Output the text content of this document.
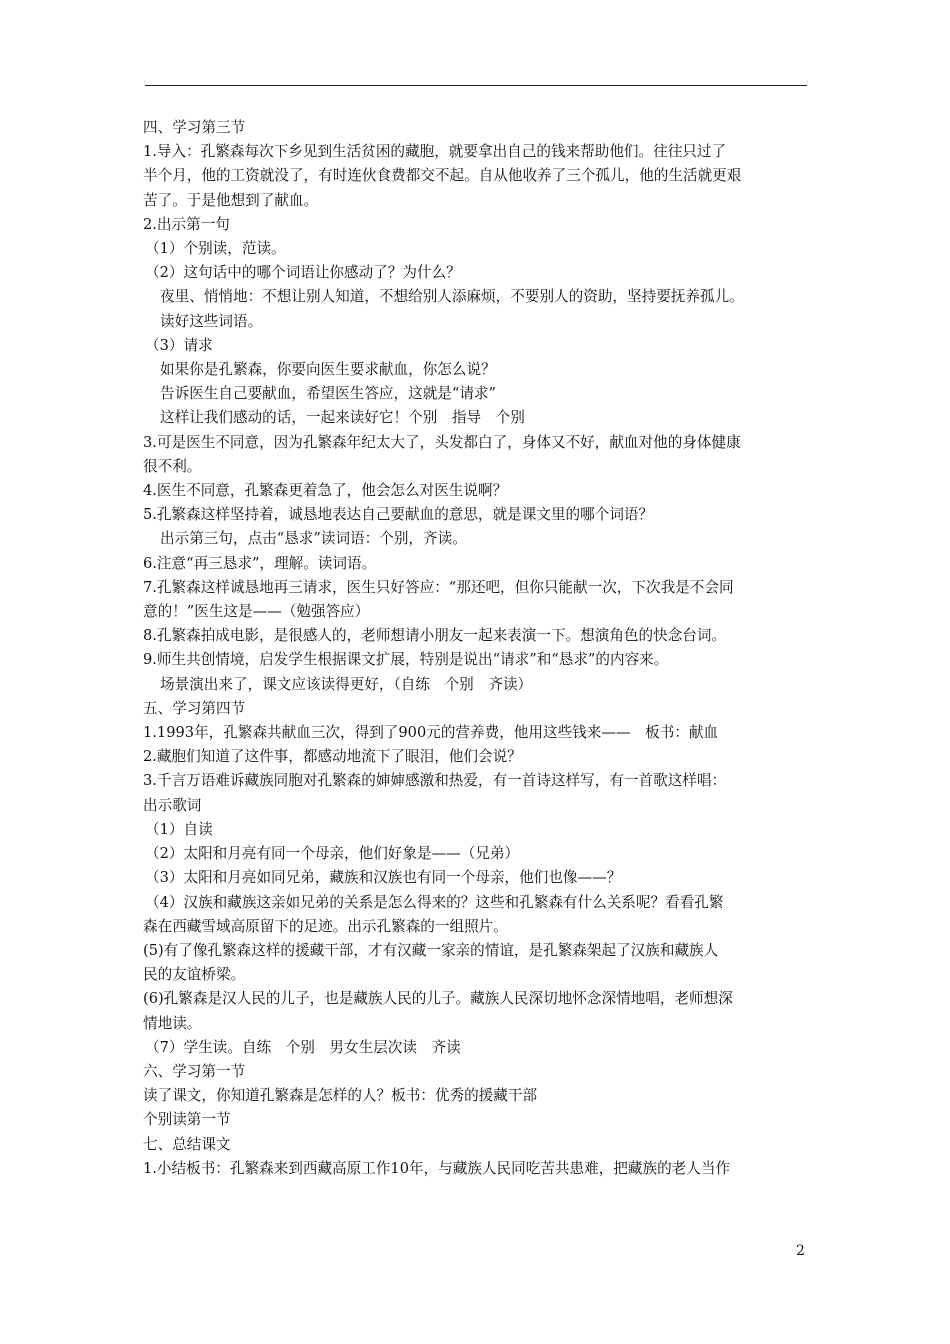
四、学习第三节
1.导入：孔繁森每次下乡见到生活贫困的藏胞，就要拿出自己的钱来帮助他们。往往只过了
半个月，他的工资就没了，有时连伙食费都交不起。自从他收养了三个孤儿，他的生活就更艰
苦了。于是他想到了献血。
2.出示第一句
（1）个别读，范读。
（2）这句话中的哪个词语让你感动了？为什么？
夜里、悄悄地：不想让别人知道，不想给别人添麻烦，不要别人的资助，坚持要抚养孤儿。
读好这些词语。
（3）请求
如果你是孔繁森，你要向医生要求献血，你怎么说？
告诉医生自己要献血，希望医生答应，这就是“请求”
这样让我们感动的话，一起来读好它！个别　指导　个别
3.可是医生不同意，因为孔繁森年纪太大了，头发都白了，身体又不好，献血对他的身体健康
很不利。
4.医生不同意，孔繁森更着急了，他会怎么对医生说啊？
5.孔繁森这样坚持着，诚恳地表达自己要献血的意思，就是课文里的哪个词语？
出示第三句，点击“恳求”读词语：个别，齐读。
6.注意“再三恳求”，理解。读词语。
7.孔繁森这样诚恳地再三请求，医生只好答应：“那还吧，但你只能献一次，下次我是不会同
意的！”医生这是——（勉强答应）
8.孔繁森拍成电影，是很感人的，老师想请小朋友一起来表演一下。想演角色的快念台词。
9.师生共创情境，启发学生根据课文扩展，特别是说出“请求”和“恳求”的内容来。
场景演出来了，课文应该读得更好，（自练　个别　齐读）
五、学习第四节
1.1993年，孔繁森共献血三次，得到了900元的营养费，他用这些钱来——　板书：献血
2.藏胞们知道了这件事，都感动地流下了眼泪，他们会说？
3.千言万语难诉藏族同胞对孔繁森的婶婶感激和热爱，有一首诗这样写，有一首歌这样唱：
出示歌词
（1）自读
（2）太阳和月亮有同一个母亲，他们好象是——（兄弟）
（3）太阳和月亮如同兄弟，藏族和汉族也有同一个母亲，他们也像——？
（4）汉族和藏族这亲如兄弟的关系是怎么得来的？这些和孔繁森有什么关系呢？看看孔繁
森在西藏雪域高原留下的足迹。出示孔繁森的一组照片。
(5)有了像孔繁森这样的援藏干部，才有汉藏一家亲的情谊，是孔繁森架起了汉族和藏族人
民的友谊桥梁。
(6)孔繁森是汉人民的儿子，也是藏族人民的儿子。藏族人民深切地怀念深情地唱，老师想深
情地读。
（7）学生读。自练　个别　男女生层次读　齐读
六、学习第一节
读了课文，你知道孔繁森是怎样的人？板书：优秀的援藏干部
个别读第一节
七、总结课文
1.小结板书：孔繁森来到西藏高原工作10年，与藏族人民同吃苦共患难，把藏族的老人当作
2
